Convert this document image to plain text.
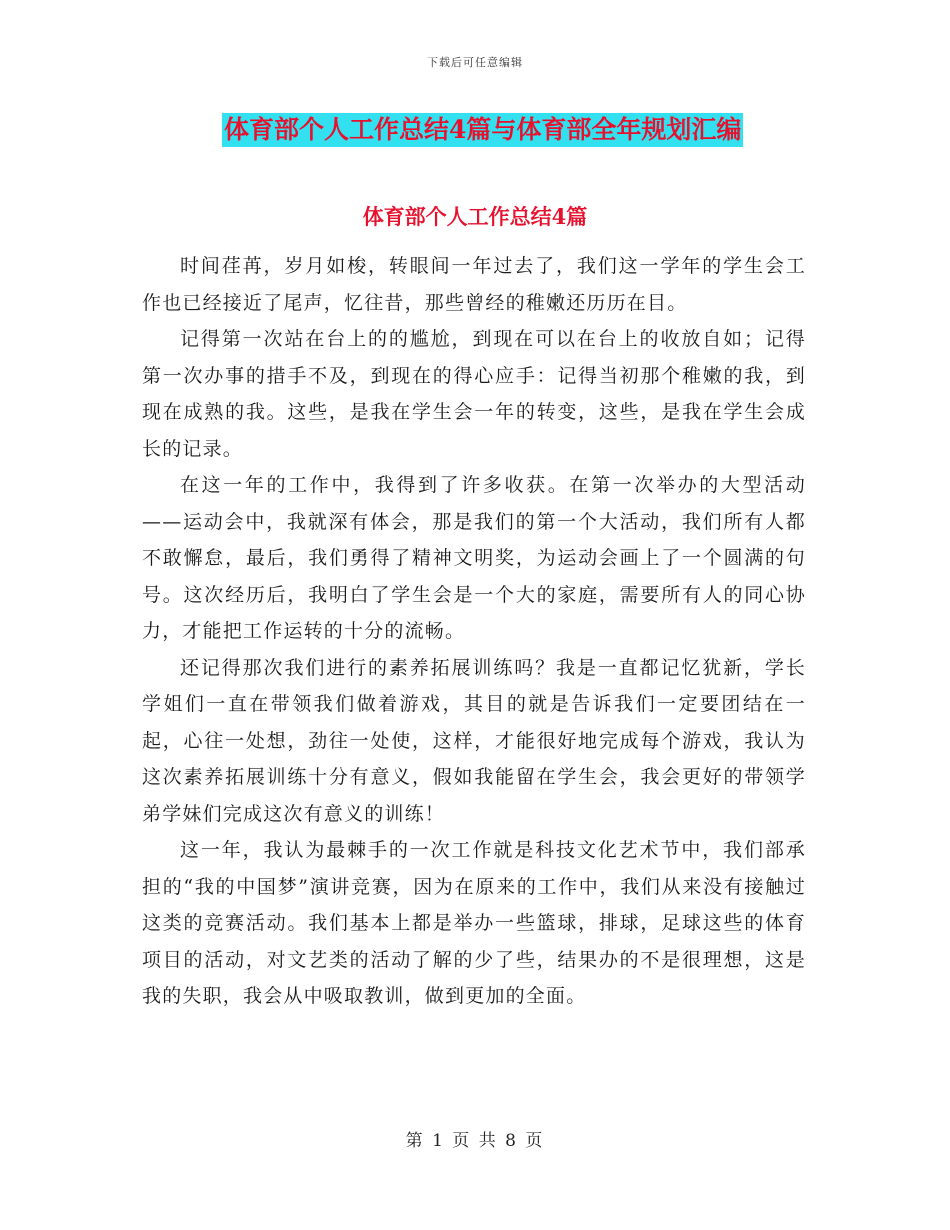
下载后可任意编辑
体育部个人工作总结4篇与体育部全年规划汇编
体育部个人工作总结4篇

时间荏苒，岁月如梭，转眼间一年过去了，我们这一学年的学生会工作也已经接近了尾声，忆往昔，那些曾经的稚嫩还历历在目。

记得第一次站在台上的的尴尬，到现在可以在台上的收放自如；记得第一次办事的措手不及，到现在的得心应手：记得当初那个稚嫩的我，到现在成熟的我。这些，是我在学生会一年的转变，这些，是我在学生会成长的记录。

在这一年的工作中，我得到了许多收获。在第一次举办的大型活动——运动会中，我就深有体会，那是我们的第一个大活动，我们所有人都不敢懈怠，最后，我们勇得了精神文明奖，为运动会画上了一个圆满的句号。这次经历后，我明白了学生会是一个大的家庭，需要所有人的同心协力，才能把工作运转的十分的流畅。

还记得那次我们进行的素养拓展训练吗？我是一直都记忆犹新，学长学姐们一直在带领我们做着游戏，其目的就是告诉我们一定要团结在一起，心往一处想，劲往一处使，这样，才能很好地完成每个游戏，我认为这次素养拓展训练十分有意义，假如我能留在学生会，我会更好的带领学弟学妹们完成这次有意义的训练！

这一年，我认为最棘手的一次工作就是科技文化艺术节中，我们部承担的“我的中国梦”演讲竞赛，因为在原来的工作中，我们从来没有接触过这类的竞赛活动。我们基本上都是举办一些篮球，排球，足球这些的体育项目的活动，对文艺类的活动了解的少了些，结果办的不是很理想，这是我的失职，我会从中吸取教训，做到更加的全面。

第 1 页 共 8 页
